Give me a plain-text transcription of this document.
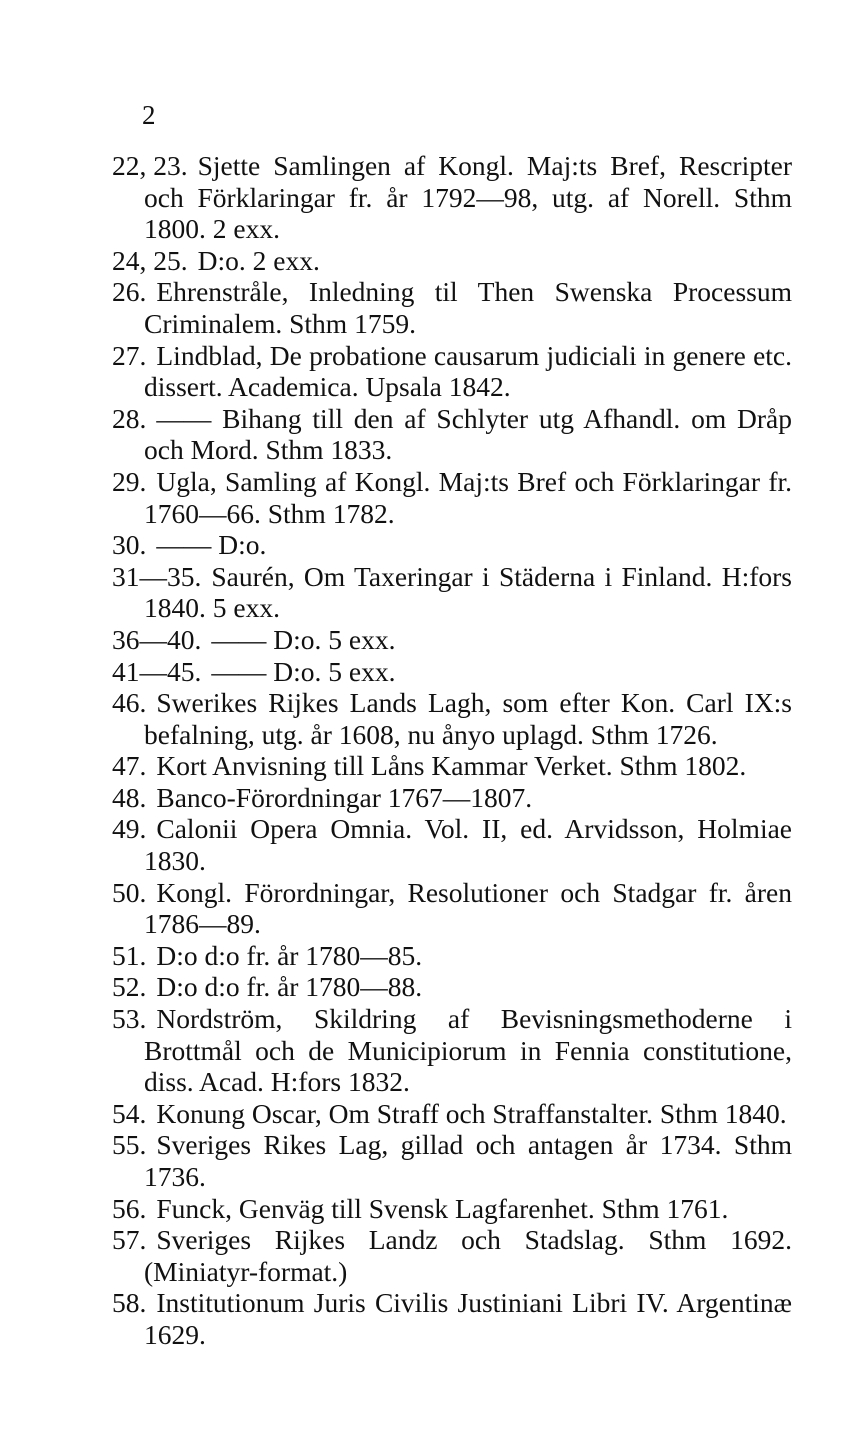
2
22, 23. Sjette Samlingen af Kongl. Maj:ts Bref, Rescripter och Förklaringar fr. år 1792—98, utg. af Norell. Sthm 1800. 2 exx.
24, 25. D:o. 2 exx.
26. Ehrenstråle, Inledning til Then Swenska Processum Criminalem. Sthm 1759.
27. Lindblad, De probatione causarum judiciali in genere etc. dissert. Academica. Upsala 1842.
28. —— Bihang till den af Schlyter utg Afhandl. om Dråp och Mord. Sthm 1833.
29. Ugla, Samling af Kongl. Maj:ts Bref och Förklaringar fr. 1760—66. Sthm 1782.
30. —— D:o.
31—35. Saurén, Om Taxeringar i Städerna i Finland. H:fors 1840. 5 exx.
36—40. —— D:o. 5 exx.
41—45. —— D:o. 5 exx.
46. Swerikes Rijkes Lands Lagh, som efter Kon. Carl IX:s befalning, utg. år 1608, nu ånyo uplagd. Sthm 1726.
47. Kort Anvisning till Låns Kammar Verket. Sthm 1802.
48. Banco-Förordningar 1767—1807.
49. Calonii Opera Omnia. Vol. II, ed. Arvidsson, Holmiae 1830.
50. Kongl. Förordningar, Resolutioner och Stadgar fr. åren 1786—89.
51. D:o d:o fr. år 1780—85.
52. D:o d:o fr. år 1780—88.
53. Nordström, Skildring af Bevisningsmethoderne i Brottmål och de Municipiorum in Fennia constitutione, diss. Acad. H:fors 1832.
54. Konung Oscar, Om Straff och Straffanstalter. Sthm 1840.
55. Sveriges Rikes Lag, gillad och antagen år 1734. Sthm 1736.
56. Funck, Genväg till Svensk Lagfarenhet. Sthm 1761.
57. Sveriges Rijkes Landz och Stadslag. Sthm 1692. (Miniatyr-format.)
58. Institutionum Juris Civilis Justiniani Libri IV. Argentinæ 1629.
